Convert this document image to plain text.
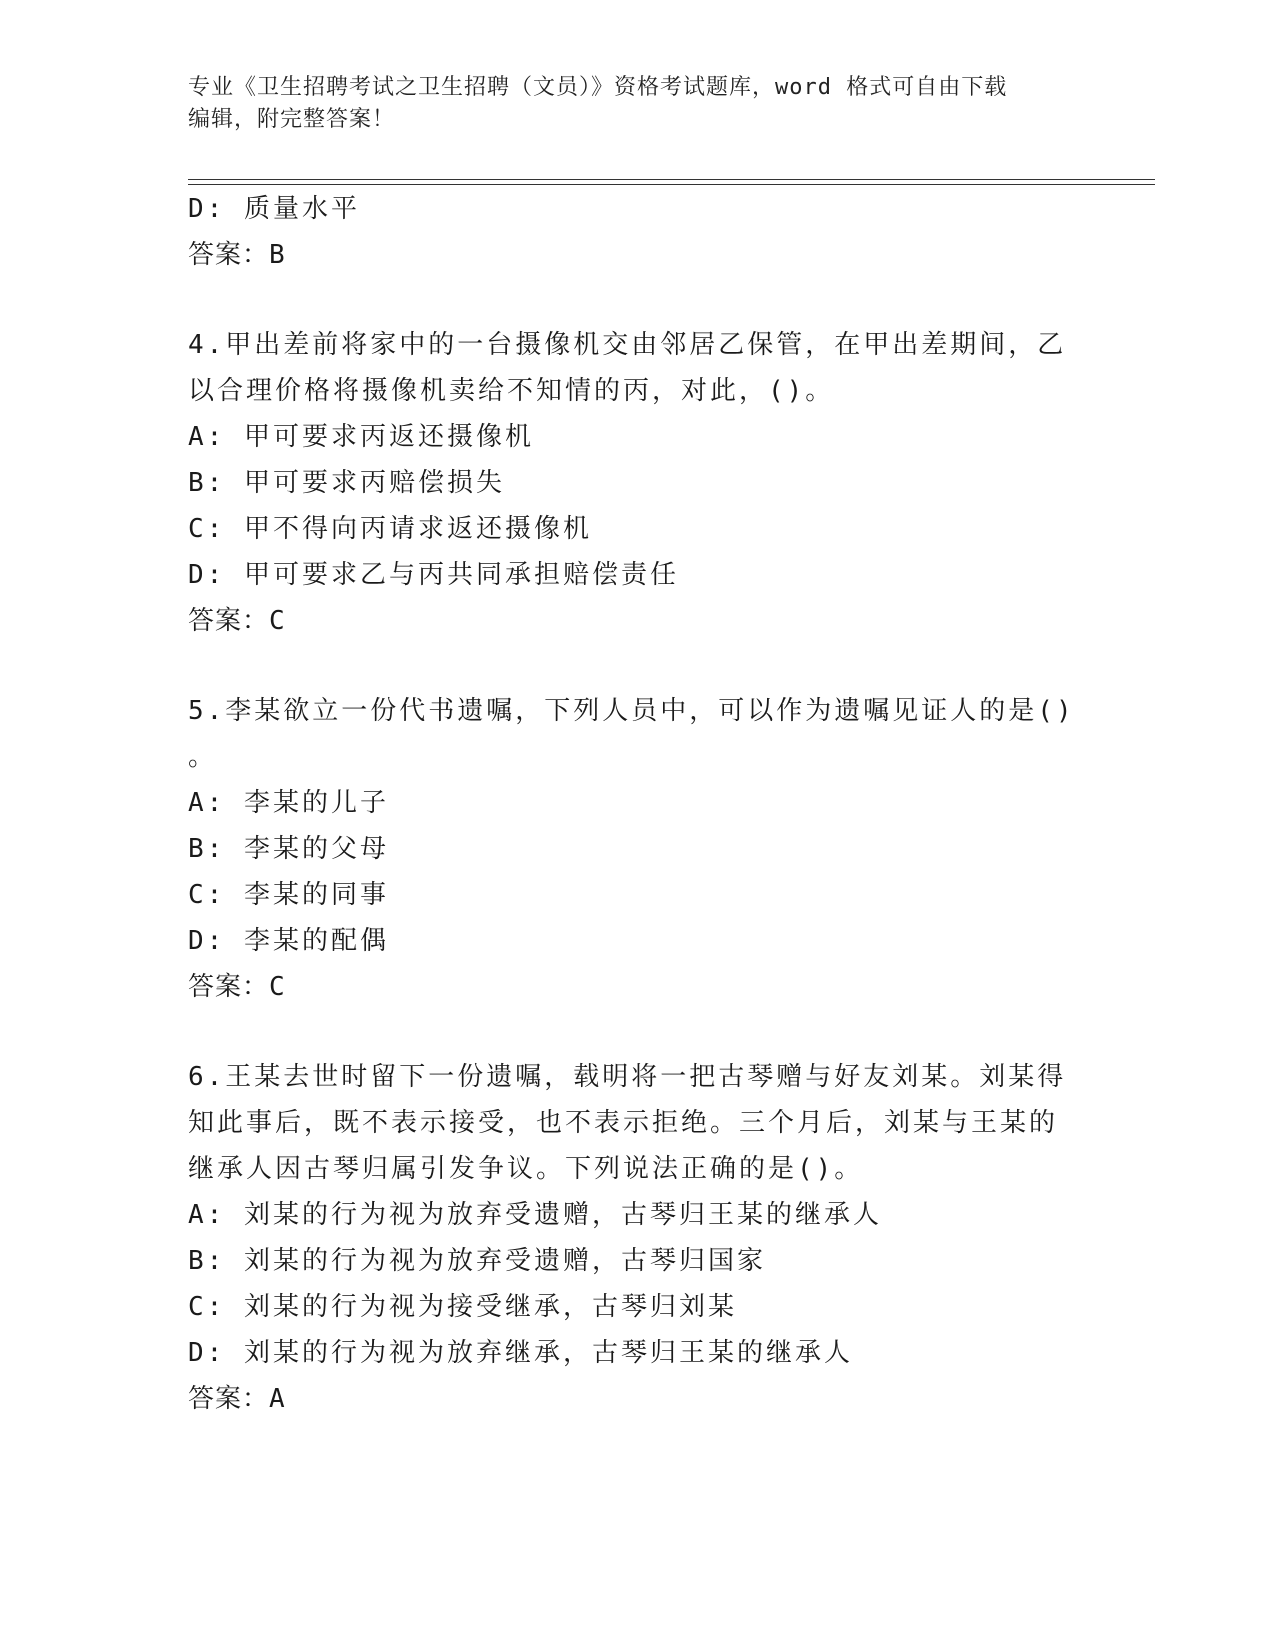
专业《卫生招聘考试之卫生招聘（文员）》资格考试题库，word 格式可自由下载
编辑，附完整答案！
D: 质量水平
答案：B
4.甲出差前将家中的一台摄像机交由邻居乙保管，在甲出差期间，乙
以合理价格将摄像机卖给不知情的丙，对此，()。
A: 甲可要求丙返还摄像机
B: 甲可要求丙赔偿损失
C: 甲不得向丙请求返还摄像机
D: 甲可要求乙与丙共同承担赔偿责任
答案：C
5.李某欲立一份代书遗嘱，下列人员中，可以作为遗嘱见证人的是()
。
A: 李某的儿子
B: 李某的父母
C: 李某的同事
D: 李某的配偶
答案：C
6.王某去世时留下一份遗嘱，载明将一把古琴赠与好友刘某。刘某得
知此事后，既不表示接受，也不表示拒绝。三个月后，刘某与王某的
继承人因古琴归属引发争议。下列说法正确的是()。
A: 刘某的行为视为放弃受遗赠，古琴归王某的继承人
B: 刘某的行为视为放弃受遗赠，古琴归国家
C: 刘某的行为视为接受继承，古琴归刘某
D: 刘某的行为视为放弃继承，古琴归王某的继承人
答案：A
